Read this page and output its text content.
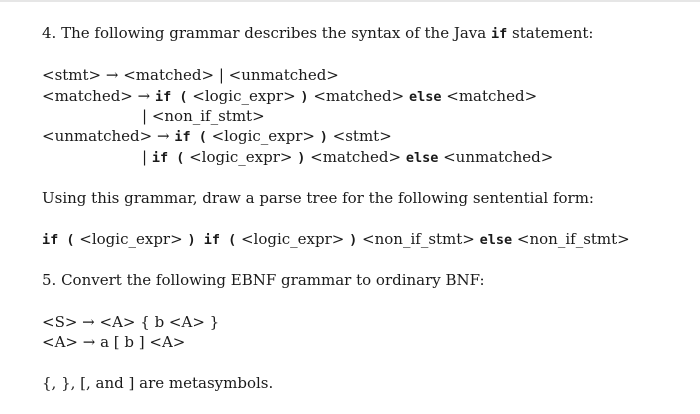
4. The following grammar describes the syntax of the Java if statement:
<stmt> → <matched> | <unmatched>
<matched> → if ( <logic_expr> ) <matched> else <matched>
| <non_if_stmt>
<unmatched> → if ( <logic_expr> ) <stmt>
| if ( <logic_expr> ) <matched> else <unmatched>
Using this grammar, draw a parse tree for the following sentential form:
if ( <logic_expr> ) if ( <logic_expr> ) <non_if_stmt> else <non_if_stmt>
5. Convert the following EBNF grammar to ordinary BNF:
<S> → <A> { b <A> }
<A> → a [ b ] <A>
{, }, [, and ] are metasymbols.
